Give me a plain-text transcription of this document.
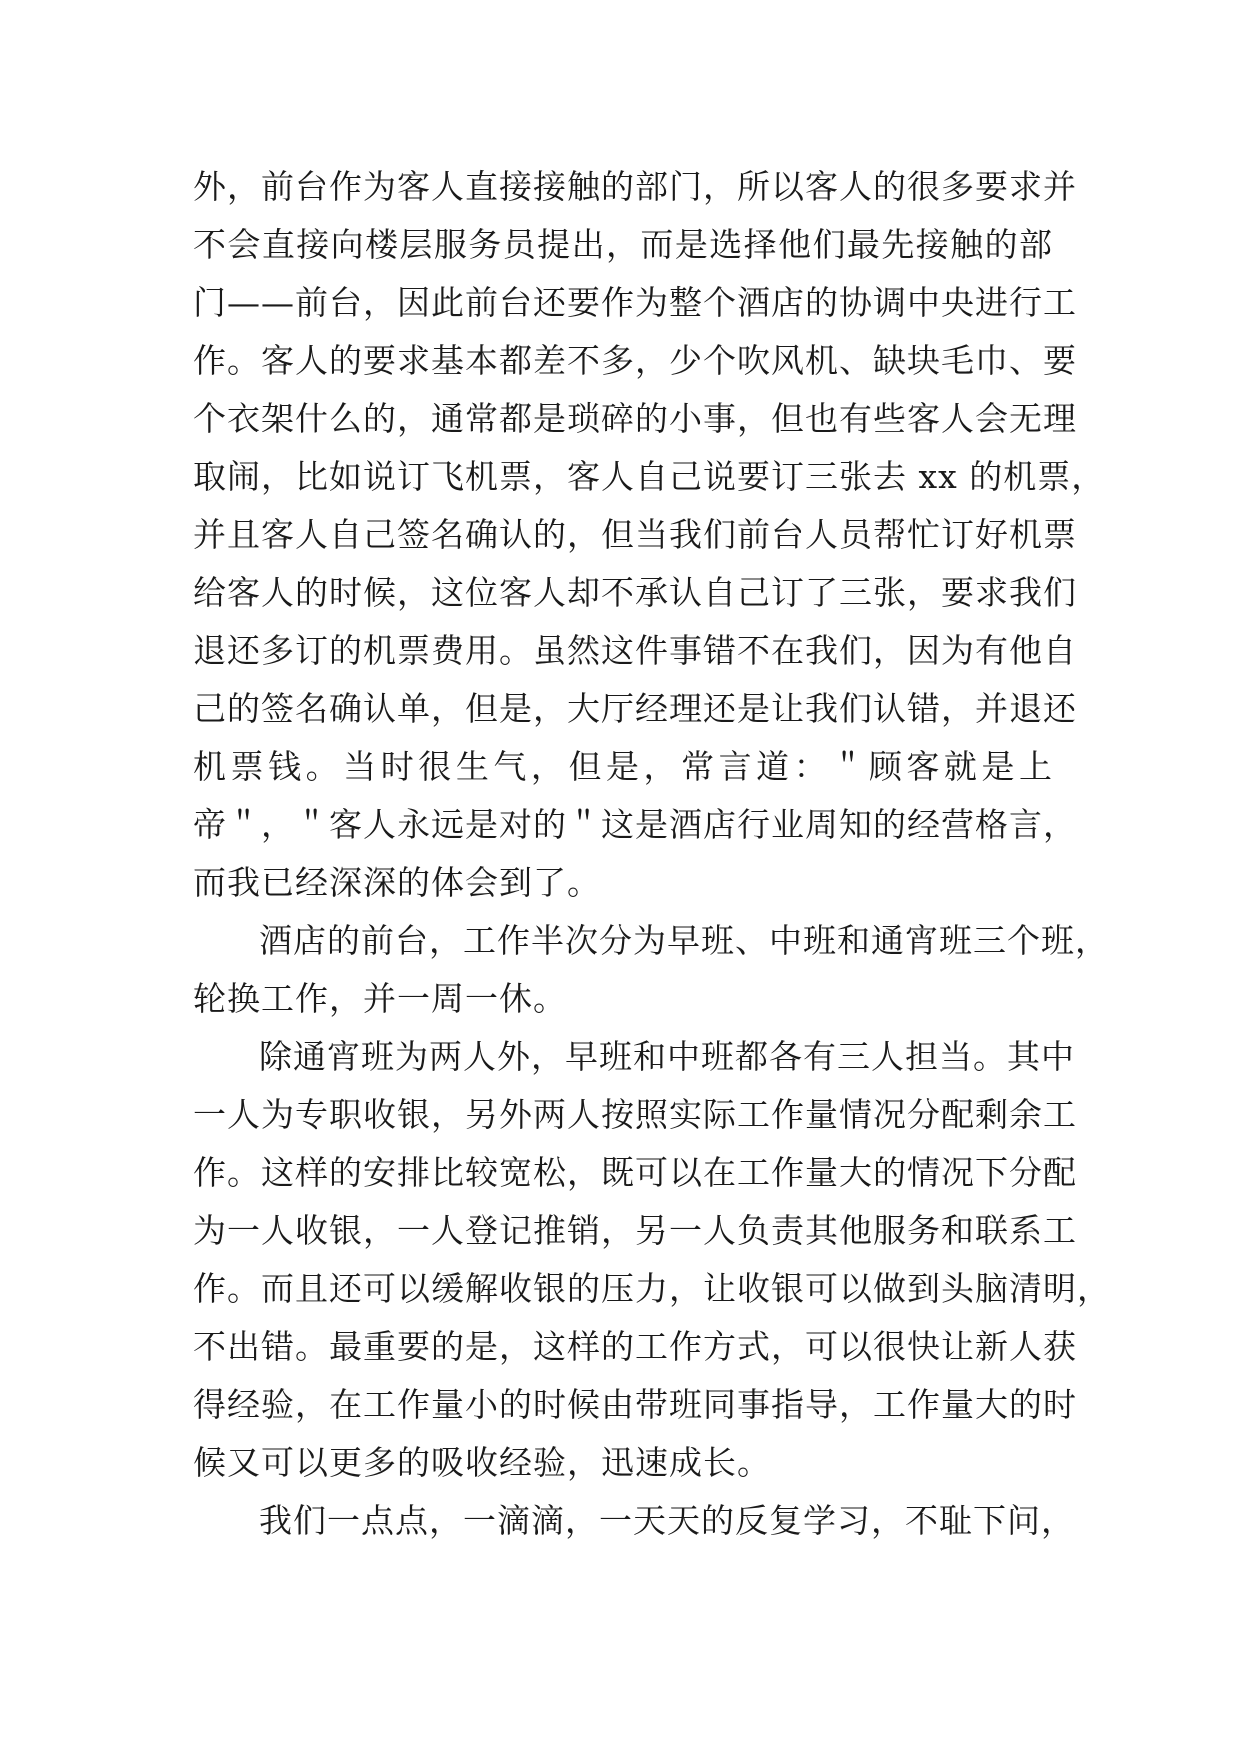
外，前台作为客人直接接触的部门，所以客人的很多要求并
不会直接向楼层服务员提出，而是选择他们最先接触的部
门——前台，因此前台还要作为整个酒店的协调中央进行工
作。客人的要求基本都差不多，少个吹风机、缺块毛巾、要
个衣架什么的，通常都是琐碎的小事，但也有些客人会无理
取闹，比如说订飞机票，客人自己说要订三张去 xx 的机票，
并且客人自己签名确认的，但当我们前台人员帮忙订好机票
给客人的时候，这位客人却不承认自己订了三张，要求我们
退还多订的机票费用。虽然这件事错不在我们，因为有他自
己的签名确认单，但是，大厅经理还是让我们认错，并退还
机票钱。当时很生气，但是，常言道：＂顾客就是上
帝＂，＂客人永远是对的＂这是酒店行业周知的经营格言，
而我已经深深的体会到了。
酒店的前台，工作半次分为早班、中班和通宵班三个班，
轮换工作，并一周一休。
除通宵班为两人外，早班和中班都各有三人担当。其中
一人为专职收银，另外两人按照实际工作量情况分配剩余工
作。这样的安排比较宽松，既可以在工作量大的情况下分配
为一人收银，一人登记推销，另一人负责其他服务和联系工
作。而且还可以缓解收银的压力，让收银可以做到头脑清明，
不出错。最重要的是，这样的工作方式，可以很快让新人获
得经验，在工作量小的时候由带班同事指导，工作量大的时
候又可以更多的吸收经验，迅速成长。
我们一点点，一滴滴，一天天的反复学习，不耻下问，
